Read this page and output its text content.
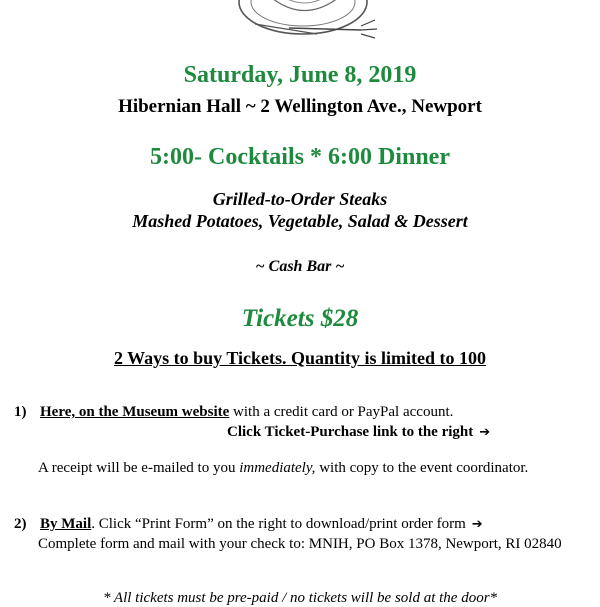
Saturday, June 8, 2019
Hibernian Hall ~ 2 Wellington Ave., Newport
5:00- Cocktails * 6:00 Dinner
Grilled-to-Order Steaks
Mashed Potatoes, Vegetable, Salad & Dessert
~ Cash Bar ~
Tickets $28
2 Ways to buy Tickets. Quantity is limited to 100
1) Here, on the Museum website with a credit card or PayPal account.
Click Ticket-Purchase link to the right ➔
A receipt will be e-mailed to you immediately, with copy to the event coordinator.
2) By Mail. Click “Print Form” on the right to download/print order form ➔
Complete form and mail with your check to: MNIH, PO Box 1378, Newport, RI 02840
* All tickets must be pre-paid / no tickets will be sold at the door*
